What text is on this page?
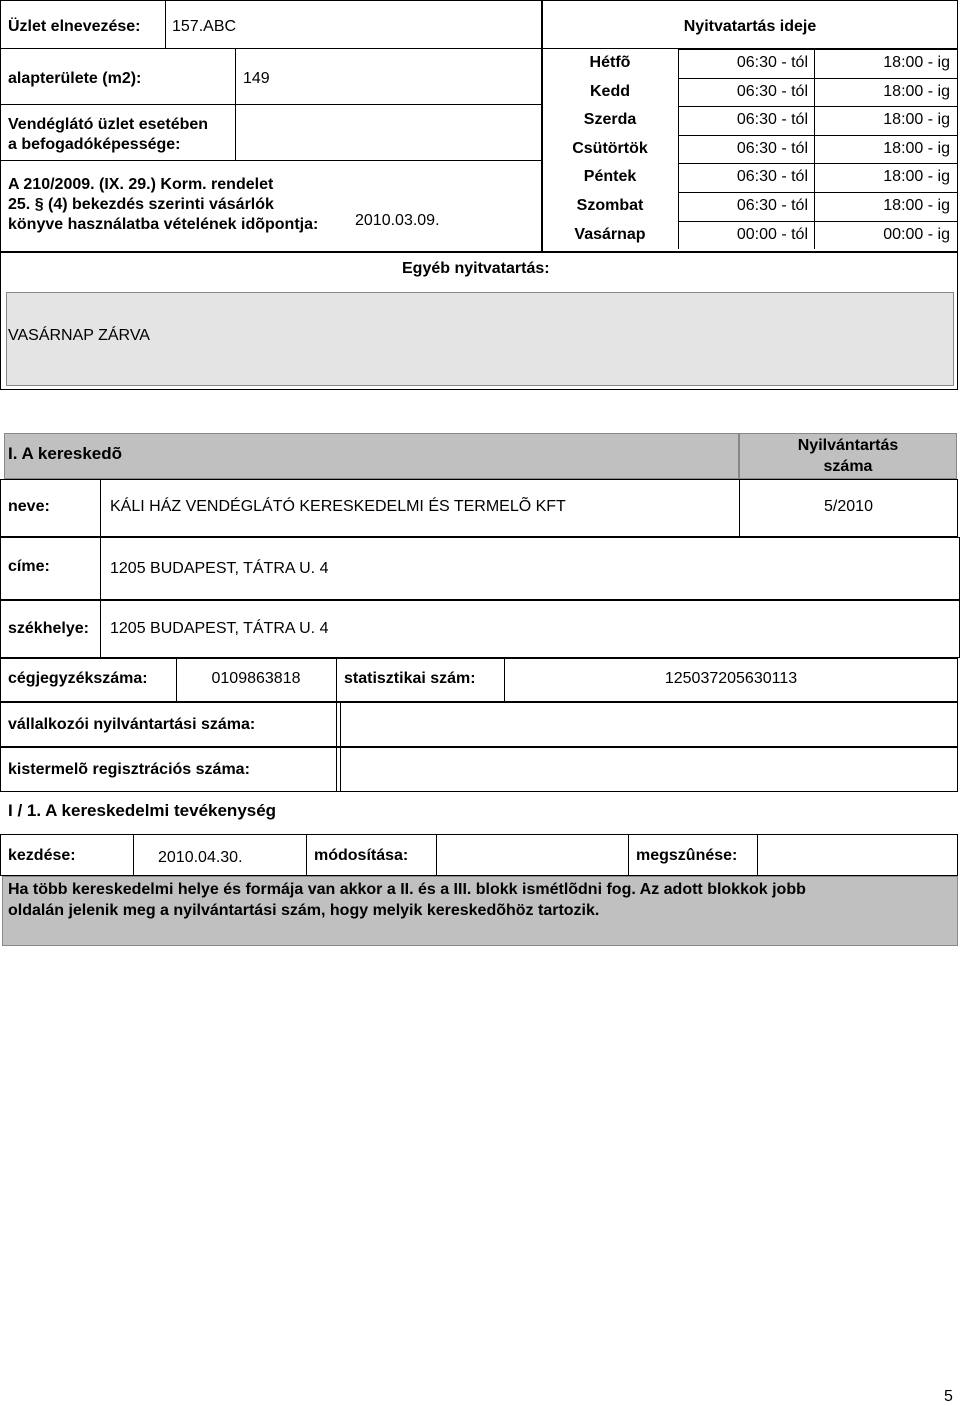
Üzlet elnevezése: 157.ABC
alapterülete (m2):	149
Vendéglátó üzlet esetében
a befogadóképessége:
A 210/2009. (IX. 29.) Korm. rendelet
25. § (4) bekezdés szerinti vásárlók
könyve használatba vételének idõpontja: 2010.03.09.
Nyitvatartás ideje
Hétfõ	06:30 - tól	18:00 - ig
Kedd	06:30 - tól	18:00 - ig
Szerda	06:30 - tól	18:00 - ig
Csütörtök	06:30 - tól	18:00 - ig
Péntek	06:30 - tól	18:00 - ig
Szombat	06:30 - tól	18:00 - ig
Vasárnap	00:00 - tól	00:00 - ig
Egyéb nyitvatartás:
VASÁRNAP ZÁRVA
I. A kereskedõ	Nyilvántartás
száma
neve:	KÁLI HÁZ VENDÉGLÁTÓ KERESKEDELMI ÉS TERMELÕ KFT	5/2010
címe:	1205 BUDAPEST, TÁTRA U. 4
székhelye: 1205 BUDAPEST, TÁTRA U. 4
cégjegyzékszáma:	0109863818	statisztikai szám:	125037205630113
vállalkozói nyilvántartási száma:
kistermelõ regisztrációs száma:
I / 1. A kereskedelmi tevékenység
kezdése:	2010.04.30.	módosítása:	megszûnése:
Ha több kereskedelmi helye és formája van akkor a II. és a III. blokk ismétlõdni fog. Az adott blokkok jobb oldalán jelenik meg a nyilvántartási szám, hogy melyik kereskedõhöz tartozik.
5
